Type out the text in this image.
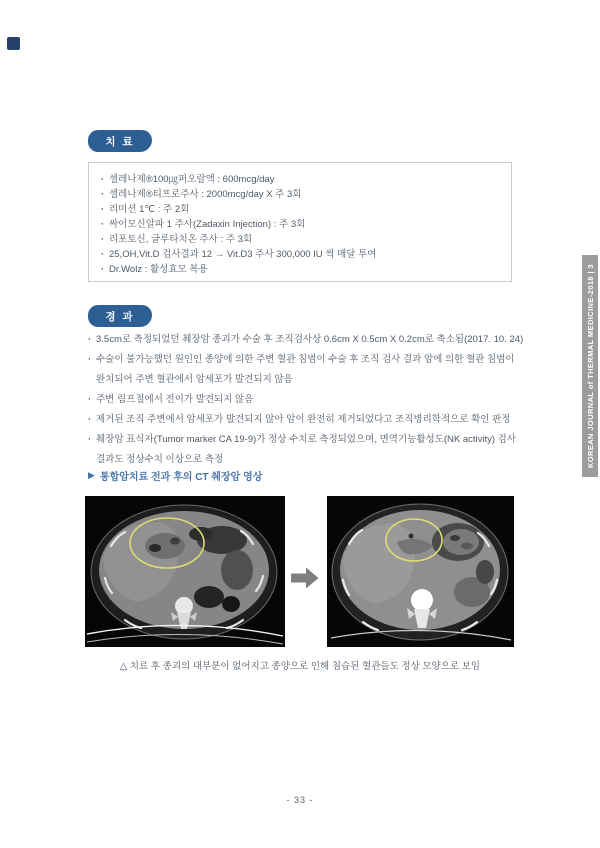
치 료
·
셀레나제®100㎍퍼오랄액 : 600mcg/day
·
셀레나제®티프로주사 : 2000mcg/day X 주 3회
·
리미션 1℃ : 주 2회
·
싸이모신알파 1 주사(Zadaxin Injection) : 주 3회
·
리포토신, 글루타치온 주사 : 주 3회
·
25,OH,Vit.D 검사결과 12 → Vit.D3 주사 300,000 IU 씩 매달 투여
·
Dr.Wolz : 활성효모 복용
경 과
·
3.5cm로 측정되었던 췌장암 종괴가 수술 후 조직검사상 0.6cm X 0.5cm X 0.2cm로 축소됨(2017. 10. 24)
·
수술이 불가능했던 원인인 종양에 의한 주변 혈관 침범이 수술 후 조직 검사 결과 암에 의한 혈관 침범이 완치되어 주변 혈관에서 암세포가 발견되지 않음
·
주변 림프절에서 전이가 발견되지 않음
·
제거된 조직 주변에서 암세포가 발견되지 않아 암이 완전히 제거되었다고 조직병리학적으로 확인 판정
·
췌장암 표식자(Tumor marker CA 19-9)가 정상 수치로 측정되었으며, 면역기능활성도(NK activity) 검사 결과도 정상수치 이상으로 측정
▶ 통합암치료 전과 후의 CT 췌장암 영상
△ 치료 후 종괴의 대부분이 없어지고 종양으로 인해 침습된 혈관들도 정상 모양으로 보임
- 33 -
KOREAN JOURNAL of THERMAL MEDICINE-2018 | 3
